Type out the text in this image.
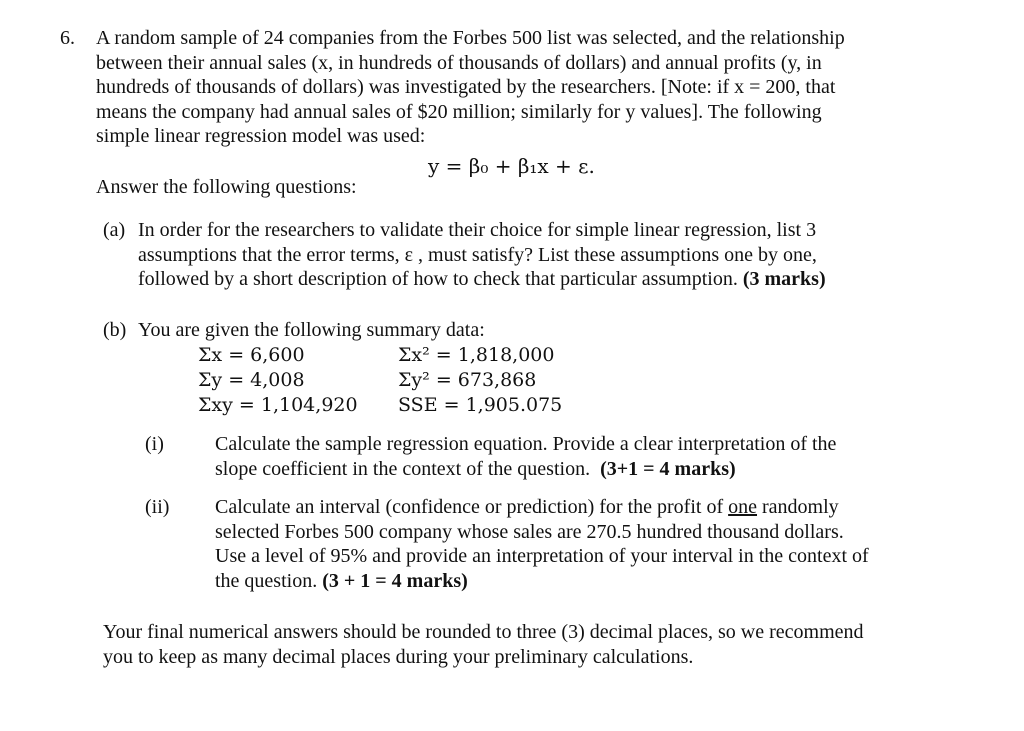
6. A random sample of 24 companies from the Forbes 500 list was selected, and the relationship

between their annual sales (x, in hundreds of thousands of dollars) and annual profits (y, in

hundreds of thousands of dollars) was investigated by the researchers. [Note: if x = 200, that

means the company had annual sales of $20 million; similarly for y values]. The following

simple linear regression model was used:

y = β₀ + β₁x + ε.
Answer the following questions:
(a) In order for the researchers to validate their choice for simple linear regression, list 3
assumptions that the error terms, ε , must satisfy? List these assumptions one by one,
followed by a short description of how to check that particular assumption. (3 marks)
(b) You are given the following summary data:
Σx = 6,600	Σx² = 1,818,000
Σy = 4,008	Σy² = 673,868
Σxy = 1,104,920 SSE = 1,905.075
(i)	Calculate the sample regression equation. Provide a clear interpretation of the
slope coefficient in the context of the question. (3+1 = 4 marks)
(ii) Calculate an interval (confidence or prediction) for the profit of one randomly
selected Forbes 500 company whose sales are 270.5 hundred thousand dollars.
Use a level of 95% and provide an interpretation of your interval in the context of
the question. (3 + 1 = 4 marks)
Your final numerical answers should be rounded to three (3) decimal places, so we recommend
you to keep as many decimal places during your preliminary calculations.
